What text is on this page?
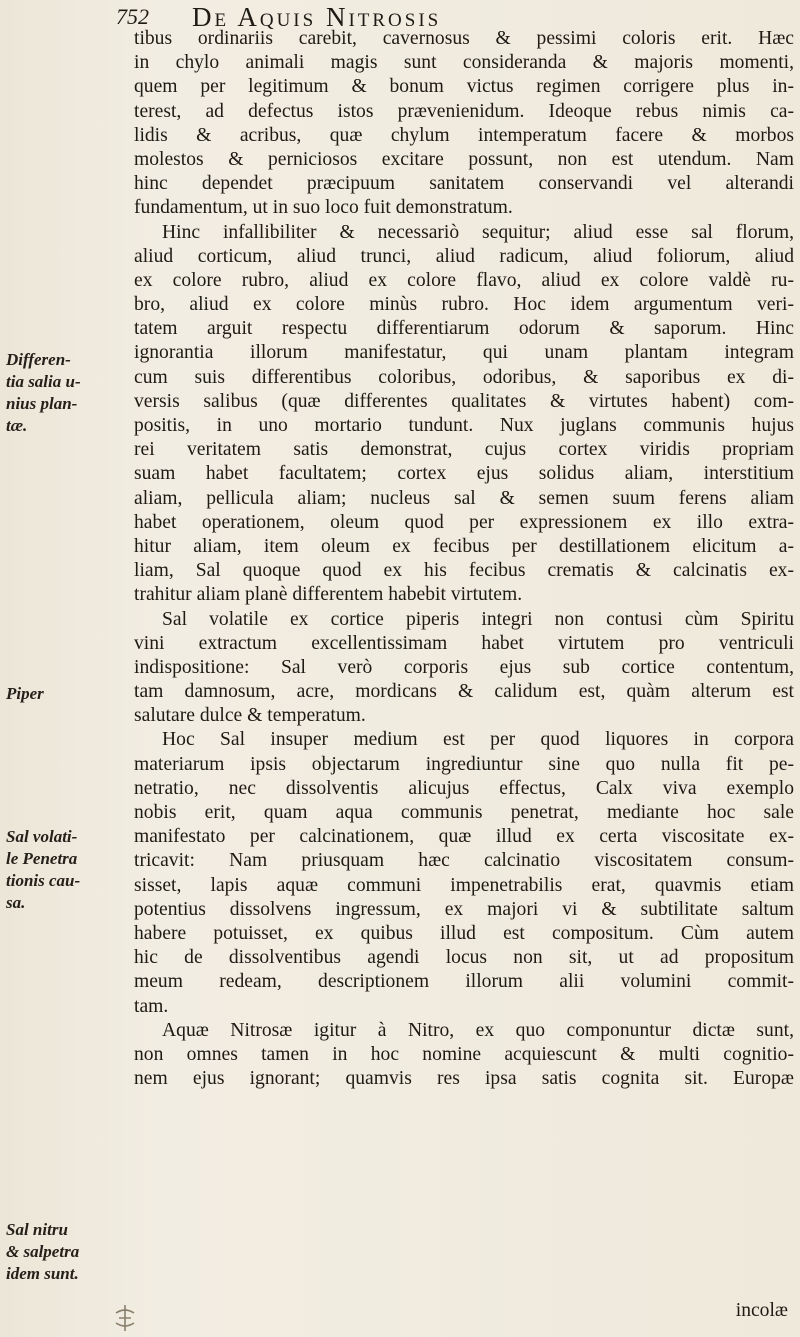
752 De Aquis Nitrosis
tibus ordinariis carebit, cavernosus & pessimi coloris erit. Hæc
in chylo animali magis sunt consideranda & majoris momenti,
quem per legitimum & bonum victus regimen corrigere plus in-
terest, ad defectus istos prævenienidum. Ideoque rebus nimis ca-
lidis & acribus, quæ chylum intemperatum facere & morbos
molestos & perniciosos excitare possunt, non est utendum. Nam
hinc dependet præcipuum sanitatem conservandi vel alterandi
fundamentum, ut in suo loco fuit demonstratum.
Hinc infallibiliter & necessariò sequitur; aliud esse sal florum,
aliud corticum, aliud trunci, aliud radicum, aliud foliorum, aliud
ex colore rubro, aliud ex colore flavo, aliud ex colore valdè ru-
bro, aliud ex colore minùs rubro. Hoc idem argumentum veri-
tatem arguit respectu differentiarum odorum & saporum. Hinc
ignorantia illorum manifestatur, qui unam plantam integram
cum suis differentibus coloribus, odoribus, & saporibus ex di-
versis salibus (quæ differentes qualitates & virtutes habent) com-
positis, in uno mortario tundunt. Nux juglans communis hujus
rei veritatem satis demonstrat, cujus cortex viridis propriam
suam habet facultatem; cortex ejus solidus aliam, interstitium
aliam, pellicula aliam; nucleus sal & semen suum ferens aliam
habet operationem, oleum quod per expressionem ex illo extra-
hitur aliam, item oleum ex fecibus per destillationem elicitum a-
liam, Sal quoque quod ex his fecibus crematis & calcinatis ex-
trahitur aliam planè differentem habebit virtutem.
Sal volatile ex cortice piperis integri non contusi cùm Spiritu
vini extractum excellentissimam habet virtutem pro ventriculi
indispositione: Sal verò corporis ejus sub cortice contentum,
tam damnosum, acre, mordicans & calidum est, quàm alterum est
salutare dulce & temperatum.
Hoc Sal insuper medium est per quod liquores in corpora
materiarum ipsis objectarum ingrediuntur sine quo nulla fit pe-
netratio, nec dissolventis alicujus effectus, Calx viva exemplo
nobis erit, quam aqua communis penetrat, mediante hoc sale
manifestato per calcinationem, quæ illud ex certa viscositate ex-
tricavit: Nam priusquam hæc calcinatio viscositatem consum-
sisset, lapis aquæ communi impenetrabilis erat, quavmis etiam
potentius dissolvens ingressum, ex majori vi & subtilitate saltum
habere potuisset, ex quibus illud est compositum. Cùm autem
hic de dissolventibus agendi locus non sit, ut ad propositum
meum redeam, descriptionem illorum alii volumini commit-
tam.
Aquæ Nitrosæ igitur à Nitro, ex quo componuntur dictæ sunt,
non omnes tamen in hoc nomine acquiescunt & multi cognitio-
nem ejus ignorant; quamvis res ipsa satis cognita sit. Europæ
Differen-
tia salia u-
nius plan-
tæ.
Piper
Sal volati-
le Penetra
tionis cau-
sa.
Sal nitru
& salpetra
idem sunt.
incolæ
